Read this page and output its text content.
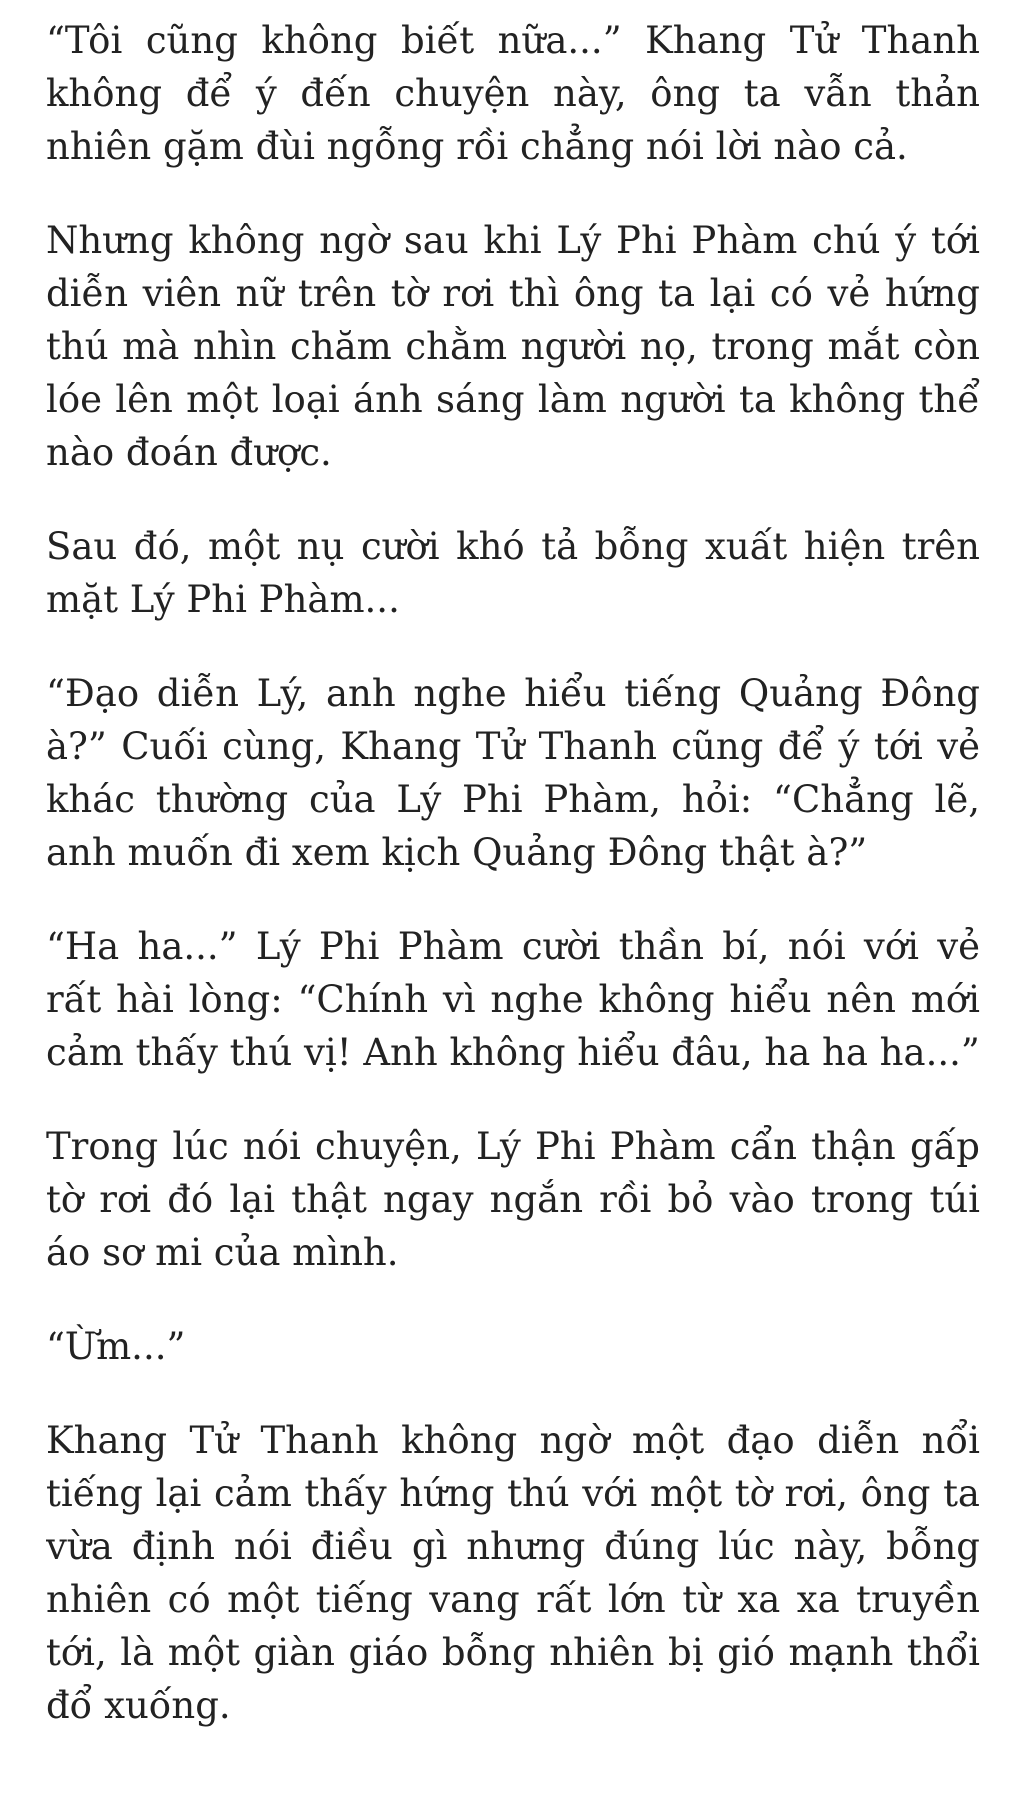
“Tôi cũng không biết nữa...” Khang Tử Thanh không để ý đến chuyện này, ông ta vẫn thản nhiên gặm đùi ngỗng rồi chẳng nói lời nào cả.

Nhưng không ngờ sau khi Lý Phi Phàm chú ý tới diễn viên nữ trên tờ rơi thì ông ta lại có vẻ hứng thú mà nhìn chăm chằm người nọ, trong mắt còn lóe lên một loại ánh sáng làm người ta không thể nào đoán được.

Sau đó, một nụ cười khó tả bỗng xuất hiện trên mặt Lý Phi Phàm...

“Đạo diễn Lý, anh nghe hiểu tiếng Quảng Đông à?” Cuối cùng, Khang Tử Thanh cũng để ý tới vẻ khác thường của Lý Phi Phàm, hỏi: “Chẳng lẽ, anh muốn đi xem kịch Quảng Đông thật à?”

“Ha ha...” Lý Phi Phàm cười thần bí, nói với vẻ rất hài lòng: “Chính vì nghe không hiểu nên mới cảm thấy thú vị! Anh không hiểu đâu, ha ha ha...”

Trong lúc nói chuyện, Lý Phi Phàm cẩn thận gấp tờ rơi đó lại thật ngay ngắn rồi bỏ vào trong túi áo sơ mi của mình.

“Ừm...”

Khang Tử Thanh không ngờ một đạo diễn nổi tiếng lại cảm thấy hứng thú với một tờ rơi, ông ta vừa định nói điều gì nhưng đúng lúc này, bỗng nhiên có một tiếng vang rất lớn từ xa xa truyền tới, là một giàn giáo bỗng nhiên bị gió mạnh thổi đổ xuống.
